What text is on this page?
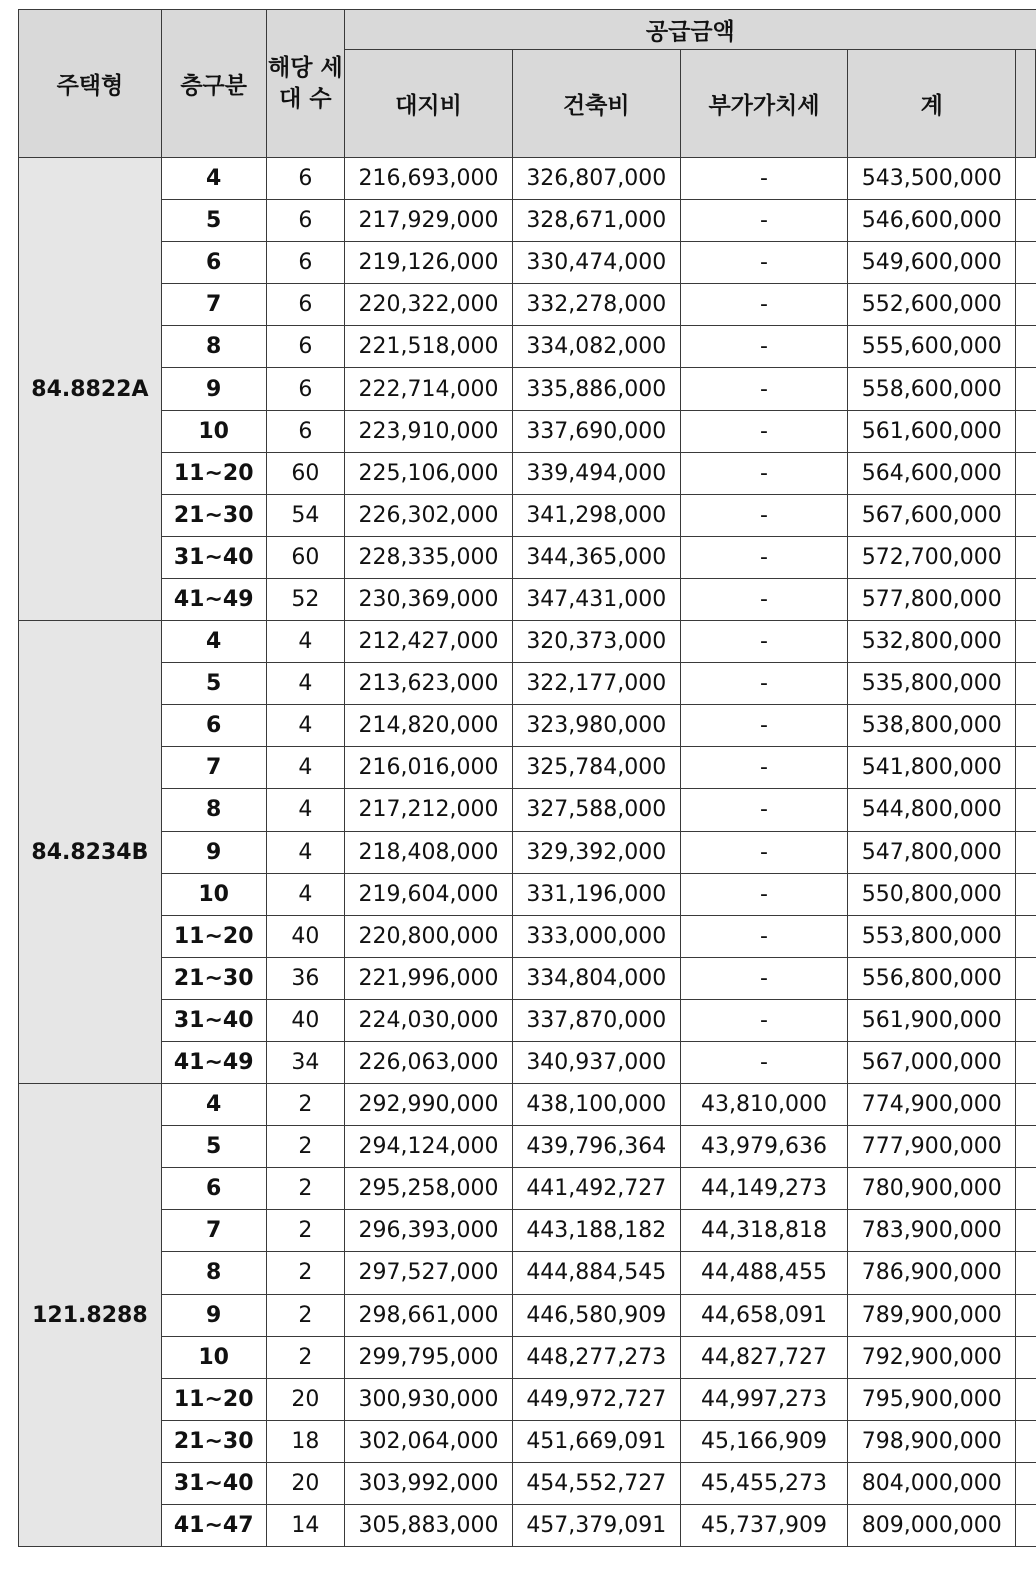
주택형	층구분	해당 세대 수	공급금액				
			대지비	건축비	부가가치세	계	

84.8822A	4	6	216,693,000	326,807,000	-	543,500,000	
	5	6	217,929,000	328,671,000	-	546,600,000	
	6	6	219,126,000	330,474,000	-	549,600,000	
	7	6	220,322,000	332,278,000	-	552,600,000	
	8	6	221,518,000	334,082,000	-	555,600,000	
	9	6	222,714,000	335,886,000	-	558,600,000	
	10	6	223,910,000	337,690,000	-	561,600,000	
	11~20	60	225,106,000	339,494,000	-	564,600,000	
	21~30	54	226,302,000	341,298,000	-	567,600,000	
	31~40	60	228,335,000	344,365,000	-	572,700,000	
	41~49	52	230,369,000	347,431,000	-	577,800,000	
84.8234B	4	4	212,427,000	320,373,000	-	532,800,000	
	5	4	213,623,000	322,177,000	-	535,800,000	
	6	4	214,820,000	323,980,000	-	538,800,000	
	7	4	216,016,000	325,784,000	-	541,800,000	
	8	4	217,212,000	327,588,000	-	544,800,000	
	9	4	218,408,000	329,392,000	-	547,800,000	
	10	4	219,604,000	331,196,000	-	550,800,000	
	11~20	40	220,800,000	333,000,000	-	553,800,000	
	21~30	36	221,996,000	334,804,000	-	556,800,000	
	31~40	40	224,030,000	337,870,000	-	561,900,000	
	41~49	34	226,063,000	340,937,000	-	567,000,000	
121.8288	4	2	292,990,000	438,100,000	43,810,000	774,900,000	
	5	2	294,124,000	439,796,364	43,979,636	777,900,000	
	6	2	295,258,000	441,492,727	44,149,273	780,900,000	
	7	2	296,393,000	443,188,182	44,318,818	783,900,000	
	8	2	297,527,000	444,884,545	44,488,455	786,900,000	
	9	2	298,661,000	446,580,909	44,658,091	789,900,000	
	10	2	299,795,000	448,277,273	44,827,727	792,900,000	
	11~20	20	300,930,000	449,972,727	44,997,273	795,900,000	
	21~30	18	302,064,000	451,669,091	45,166,909	798,900,000	
	31~40	20	303,992,000	454,552,727	45,455,273	804,000,000	
	41~47	14	305,883,000	457,379,091	45,737,909	809,000,000	
